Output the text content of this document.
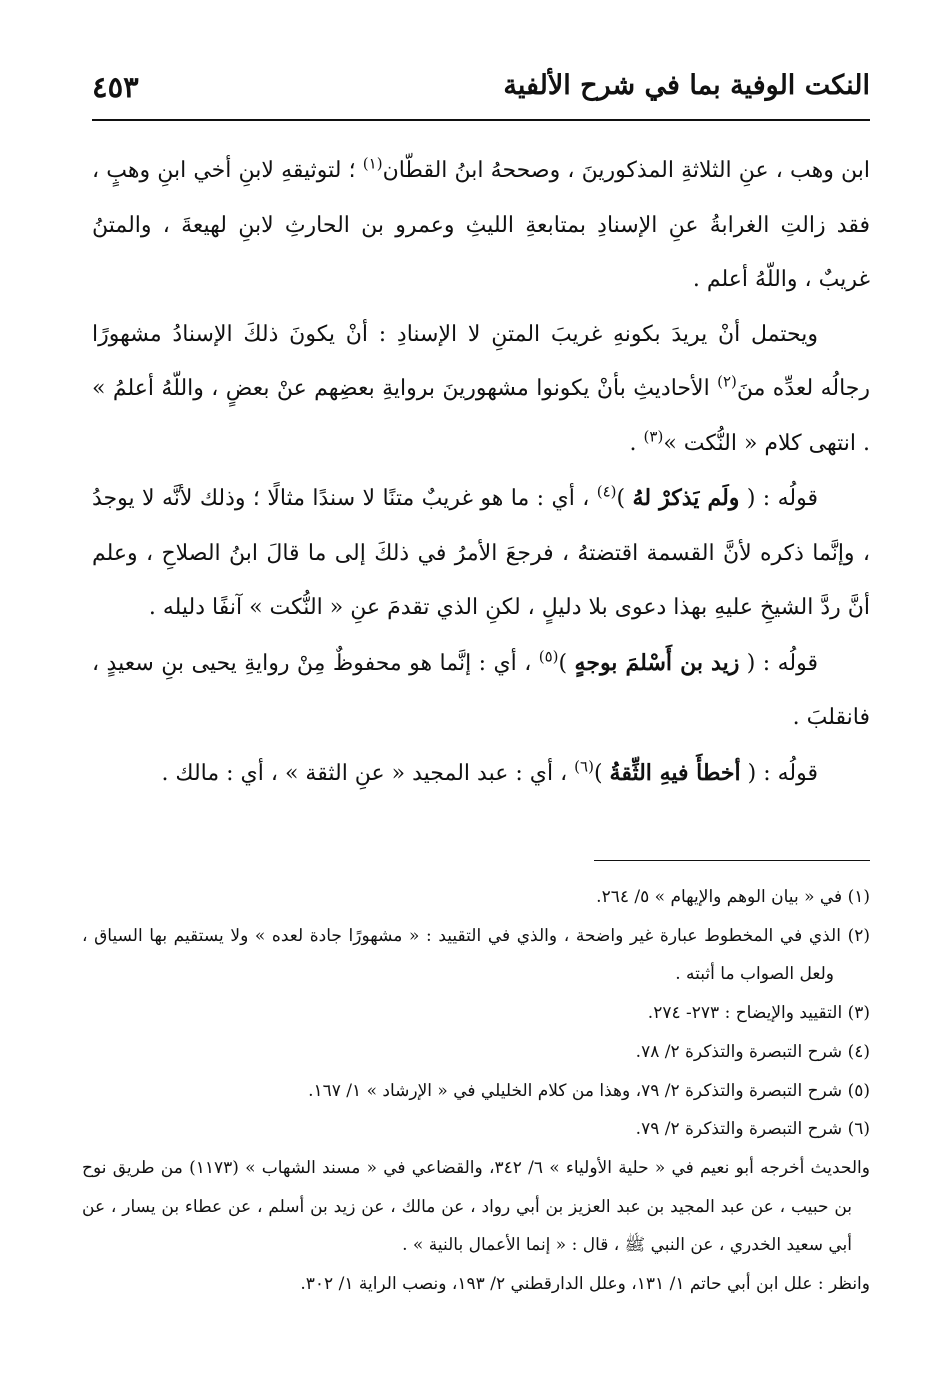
النكت الوفية بما في شرح الألفية
٤٥٣

ابن وهب ، عنِ الثلاثةِ المذكورينَ ، وصححهُ ابنُ القطّان$^{(١)}$ ؛ لتوثيقهِ لابنِ أخي ابنِ وهبٍ ، فقد زالتِ الغرابةُ عنِ الإسنادِ بمتابعةِ الليثِ وعمرو بن الحارثِ لابنِ لهيعةَ ، والمتنُ غريبٌ ، واللّهُ أعلم .

ويحتمل أنْ يريدَ بكونهِ غريبَ المتنِ لا الإسنادِ : أنْ يكونَ ذلكَ الإسنادُ مشهورًا رجالُه لعدِّه منَ$^{(٢)}$ الأحاديثِ بأنْ يكونوا مشهورينَ بروايةِ بعضِهم عنْ بعضٍ ، واللّهُ أعلمُ » . انتهى كلام « النُّكت »$^{(٣)}$ .

قولُه : ( ولَم يَذكرْ لهُ )$^{(٤)}$ ، أي : ما هو غريبٌ متنًا لا سندًا مثالًا ؛ وذلك لأنَّه لا يوجدُ ، وإنَّما ذكره لأنَّ القسمة اقتضتهُ ، فرجعَ الأمرُ في ذلكَ إلى ما قالَ ابنُ الصلاحِ ، وعلم أنَّ ردَّ الشيخِ عليهِ بهذا دعوى بلا دليلٍ ، لكنِ الذي تقدمَ عنِ « النُّكت » آنفًا دليله .

قولُه : ( زيد بن أَسْلمَ بوجهٍ )$^{(٥)}$ ، أي : إنَّما هو محفوظٌ مِنْ روايةِ يحيى بنِ سعيدٍ ، فانقلبَ .

قولُه : ( أخطأَ فيهِ الثِّقةُ )$^{(٦)}$ ، أي : عبد المجيد « عنِ الثقة » ، أي : مالك .

(١) في « بيان الوهم والإيهام » ٥/ ٢٦٤.

(٢) الذي في المخطوط عبارة غير واضحة ، والذي في التقييد : « مشهورًا جادة لعده » ولا يستقيم بها السياق ، ولعل الصواب ما أثبته .

(٣) التقييد والإيضاح : ٢٧٣- ٢٧٤.

(٤) شرح التبصرة والتذكرة ٢/ ٧٨.

(٥) شرح التبصرة والتذكرة ٢/ ٧٩، وهذا من كلام الخليلي في « الإرشاد » ١/ ١٦٧.

(٦) شرح التبصرة والتذكرة ٢/ ٧٩.

والحديث أخرجه أبو نعيم في « حلية الأولياء » ٦/ ٣٤٢، والقضاعي في « مسند الشهاب » (١١٧٣) من طريق نوح بن حبيب ، عن عبد المجيد بن عبد العزيز بن أبي رواد ، عن مالك ، عن زيد بن أسلم ، عن عطاء بن يسار ، عن أبي سعيد الخدري ، عن النبي ﷺ ، قال : « إنما الأعمال بالنية » .

وانظر : علل ابن أبي حاتم ١/ ١٣١، وعلل الدارقطني ٢/ ١٩٣، ونصب الراية ١/ ٣٠٢.
